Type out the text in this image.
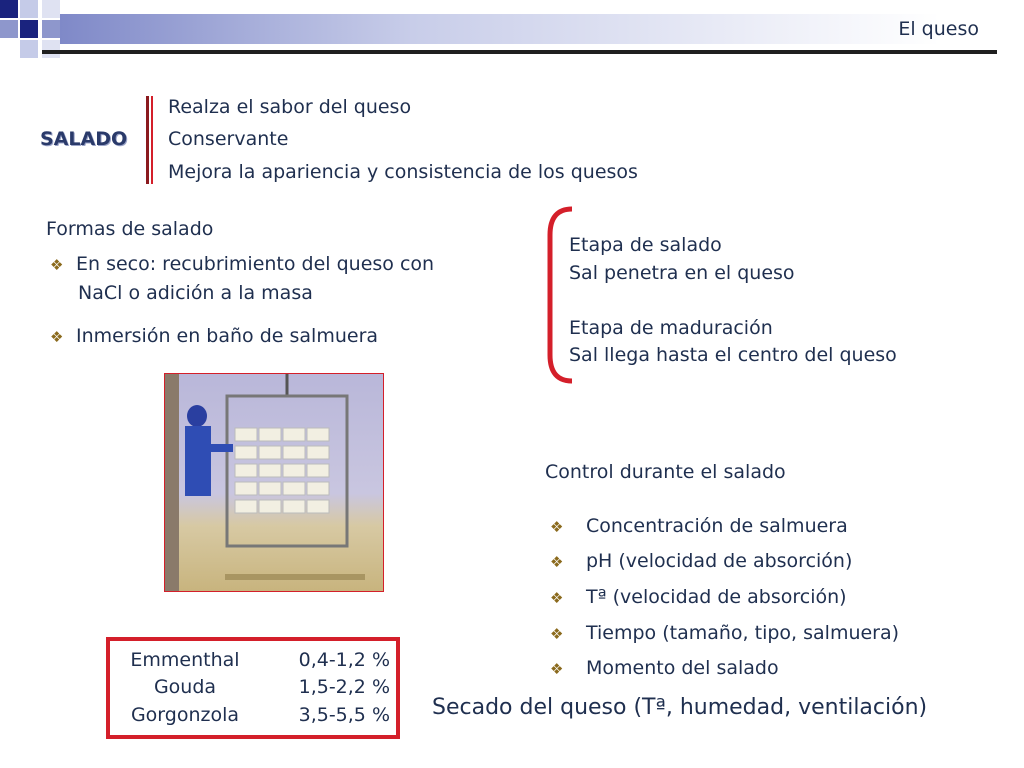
El queso
SALADO
Realza el sabor del queso
Conservante
Mejora la apariencia y consistencia de los quesos
Formas de salado
❖ En seco: recubrimiento del queso con
NaCl o adición a la masa
❖ Inmersión en baño de salmuera
Etapa de salado
Sal penetra en el queso
Etapa de maduración
Sal llega hasta el centro del queso
Control durante el salado
❖ Concentración de salmuera
❖ pH (velocidad de absorción)
❖ Tª (velocidad de absorción)
❖ Tiempo (tamaño, tipo, salmuera)
❖ Momento del salado
Secado del queso (Tª, humedad, ventilación)
Emmenthal	0,4-1,2 %
Gouda	1,5-2,2 %
Gorgonzola	3,5-5,5 %
